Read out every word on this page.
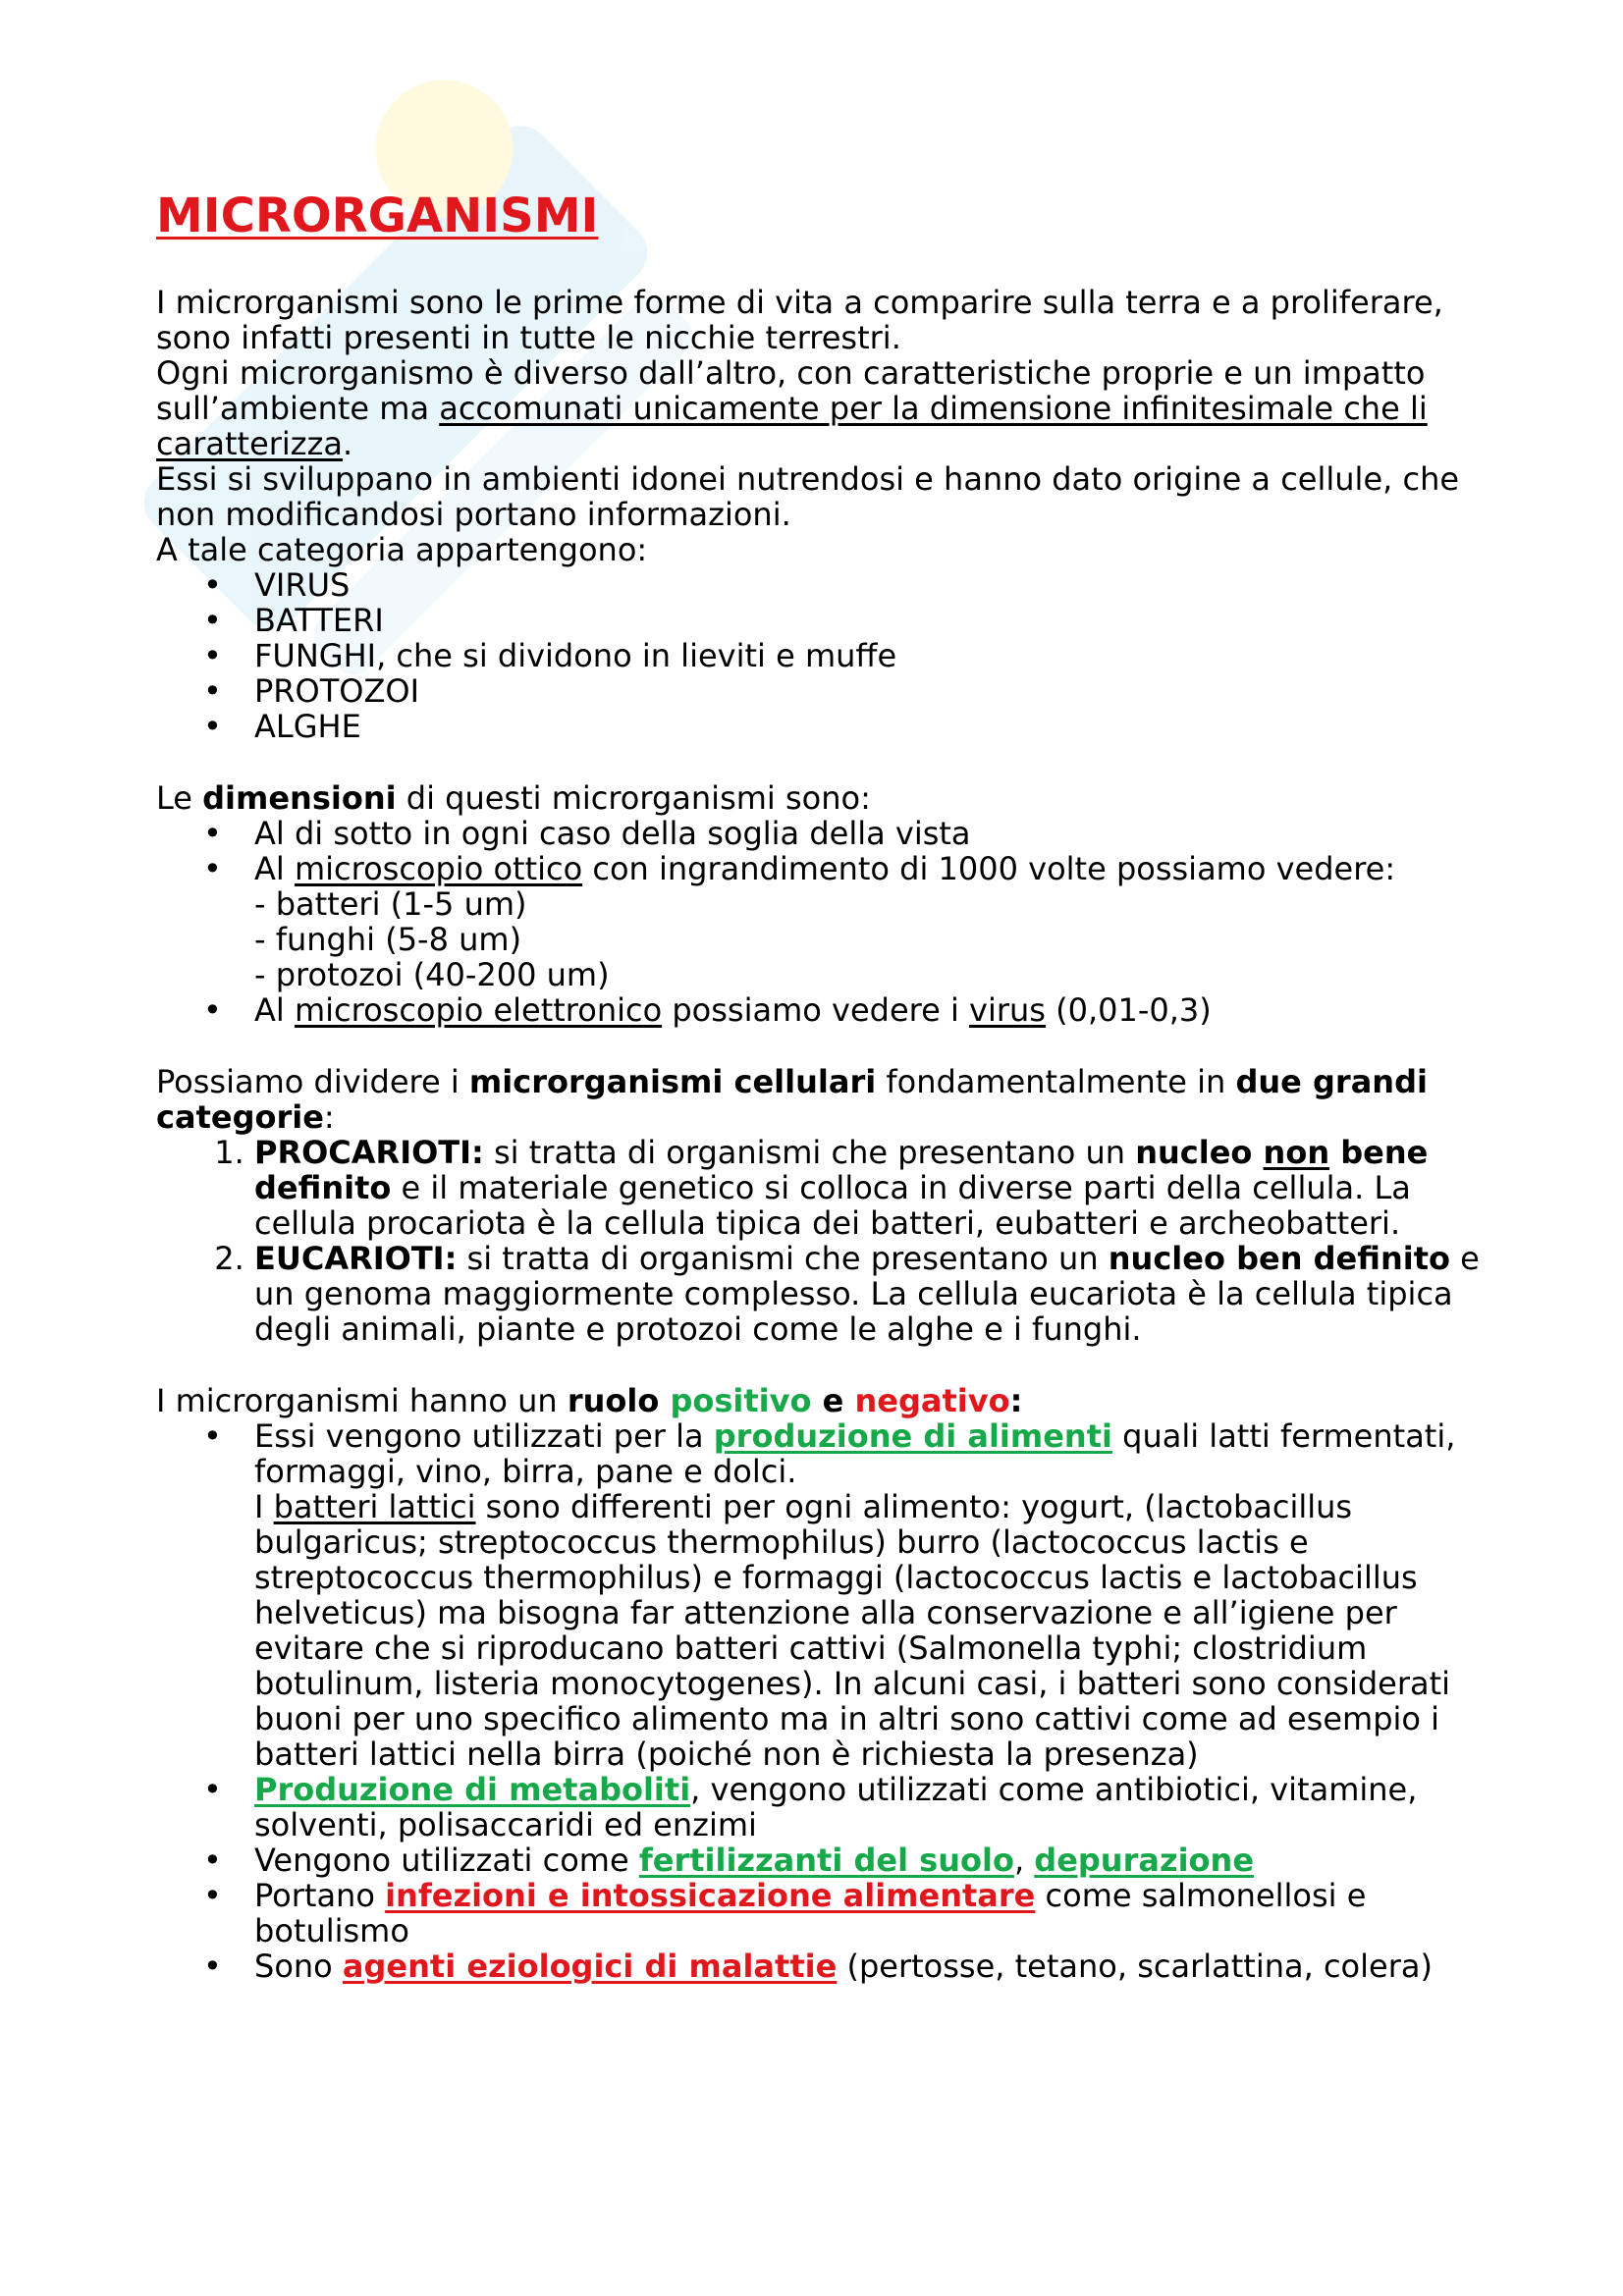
MICRORGANISMI

I microrganismi sono le prime forme di vita a comparire sulla terra e a proliferare, sono infatti presenti in tutte le nicchie terrestri.

Ogni microrganismo è diverso dall’altro, con caratteristiche proprie e un impatto sull’ambiente ma accomunati unicamente per la dimensione infinitesimale che li caratterizza.

Essi si sviluppano in ambienti idonei nutrendosi e hanno dato origine a cellule, che non modificandosi portano informazioni.

A tale categoria appartengono:

• VIRUS
• BATTERI
• FUNGHI, che si dividono in lieviti e muffe
• PROTOZOI
• ALGHE

Le dimensioni di questi microrganismi sono:

• Al di sotto in ogni caso della soglia della vista
• Al microscopio ottico con ingrandimento di 1000 volte possiamo vedere:
- batteri (1-5 um)
- funghi (5-8 um)
- protozoi (40-200 um)
• Al microscopio elettronico possiamo vedere i virus (0,01-0,3)

Possiamo dividere i microrganismi cellulari fondamentalmente in due grandi categorie:

1. PROCARIOTI: si tratta di organismi che presentano un nucleo non bene definito e il materiale genetico si colloca in diverse parti della cellula. La cellula procariota è la cellula tipica dei batteri, eubatteri e archeobatteri.
2. EUCARIOTI: si tratta di organismi che presentano un nucleo ben definito e un genoma maggiormente complesso. La cellula eucariota è la cellula tipica degli animali, piante e protozoi come le alghe e i funghi.

I microrganismi hanno un ruolo positivo e negativo:

• Essi vengono utilizzati per la produzione di alimenti quali latti fermentati, formaggi, vino, birra, pane e dolci.
I batteri lattici sono differenti per ogni alimento: yogurt, (lactobacillus bulgaricus; streptococcus thermophilus) burro (lactococcus lactis e streptococcus thermophilus) e formaggi (lactococcus lactis e lactobacillus helveticus) ma bisogna far attenzione alla conservazione e all’igiene per evitare che si riproducano batteri cattivi (Salmonella typhi; clostridium botulinum, listeria monocytogenes). In alcuni casi, i batteri sono considerati buoni per uno specifico alimento ma in altri sono cattivi come ad esempio i batteri lattici nella birra (poiché non è richiesta la presenza)
• Produzione di metaboliti, vengono utilizzati come antibiotici, vitamine, solventi, polisaccaridi ed enzimi
• Vengono utilizzati come fertilizzanti del suolo, depurazione
• Portano infezioni e intossicazione alimentare come salmonellosi e botulismo
• Sono agenti eziologici di malattie (pertosse, tetano, scarlattina, colera)
